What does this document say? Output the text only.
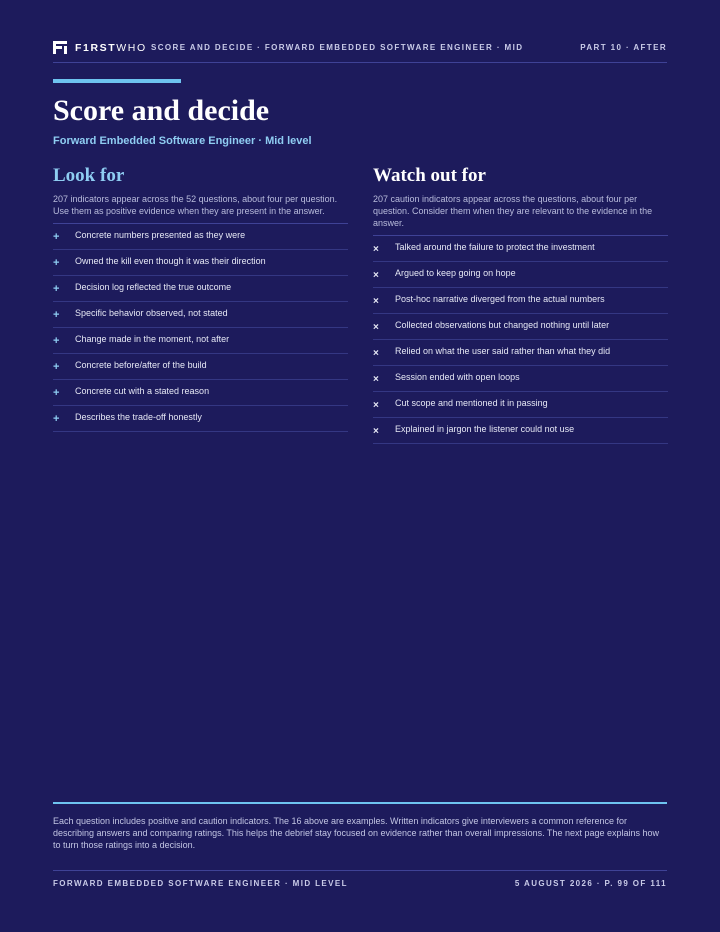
F1RSTWHO SCORE AND DECIDE · FORWARD EMBEDDED SOFTWARE ENGINEER · MID	PART 10 · AFTER
Score and decide
Forward Embedded Software Engineer · Mid level
Look for

207 indicators appear across the 52 questions, about four per question. Use them as positive evidence when they are present in the answer.

+	Concrete numbers presented as they were
+	Owned the kill even though it was their direction
+	Decision log reflected the true outcome
+	Specific behavior observed, not stated
+	Change made in the moment, not after
+	Concrete before/after of the build
+	Concrete cut with a stated reason
+	Describes the trade-off honestly
Watch out for

207 caution indicators appear across the questions, about four per question. Consider them when they are relevant to the evidence in the answer.

×	Talked around the failure to protect the investment
×	Argued to keep going on hope
×	Post-hoc narrative diverged from the actual numbers
×	Collected observations but changed nothing until later
×	Relied on what the user said rather than what they did
×	Session ended with open loops
×	Cut scope and mentioned it in passing
×	Explained in jargon the listener could not use

Each question includes positive and caution indicators. The 16 above are examples. Written indicators give interviewers a common reference for describing answers and comparing ratings. This helps the debrief stay focused on evidence rather than overall impressions. The next page explains how to turn those ratings into a decision.

FORWARD EMBEDDED SOFTWARE ENGINEER · MID LEVEL	5 AUGUST 2026 · P. 99 OF 111
